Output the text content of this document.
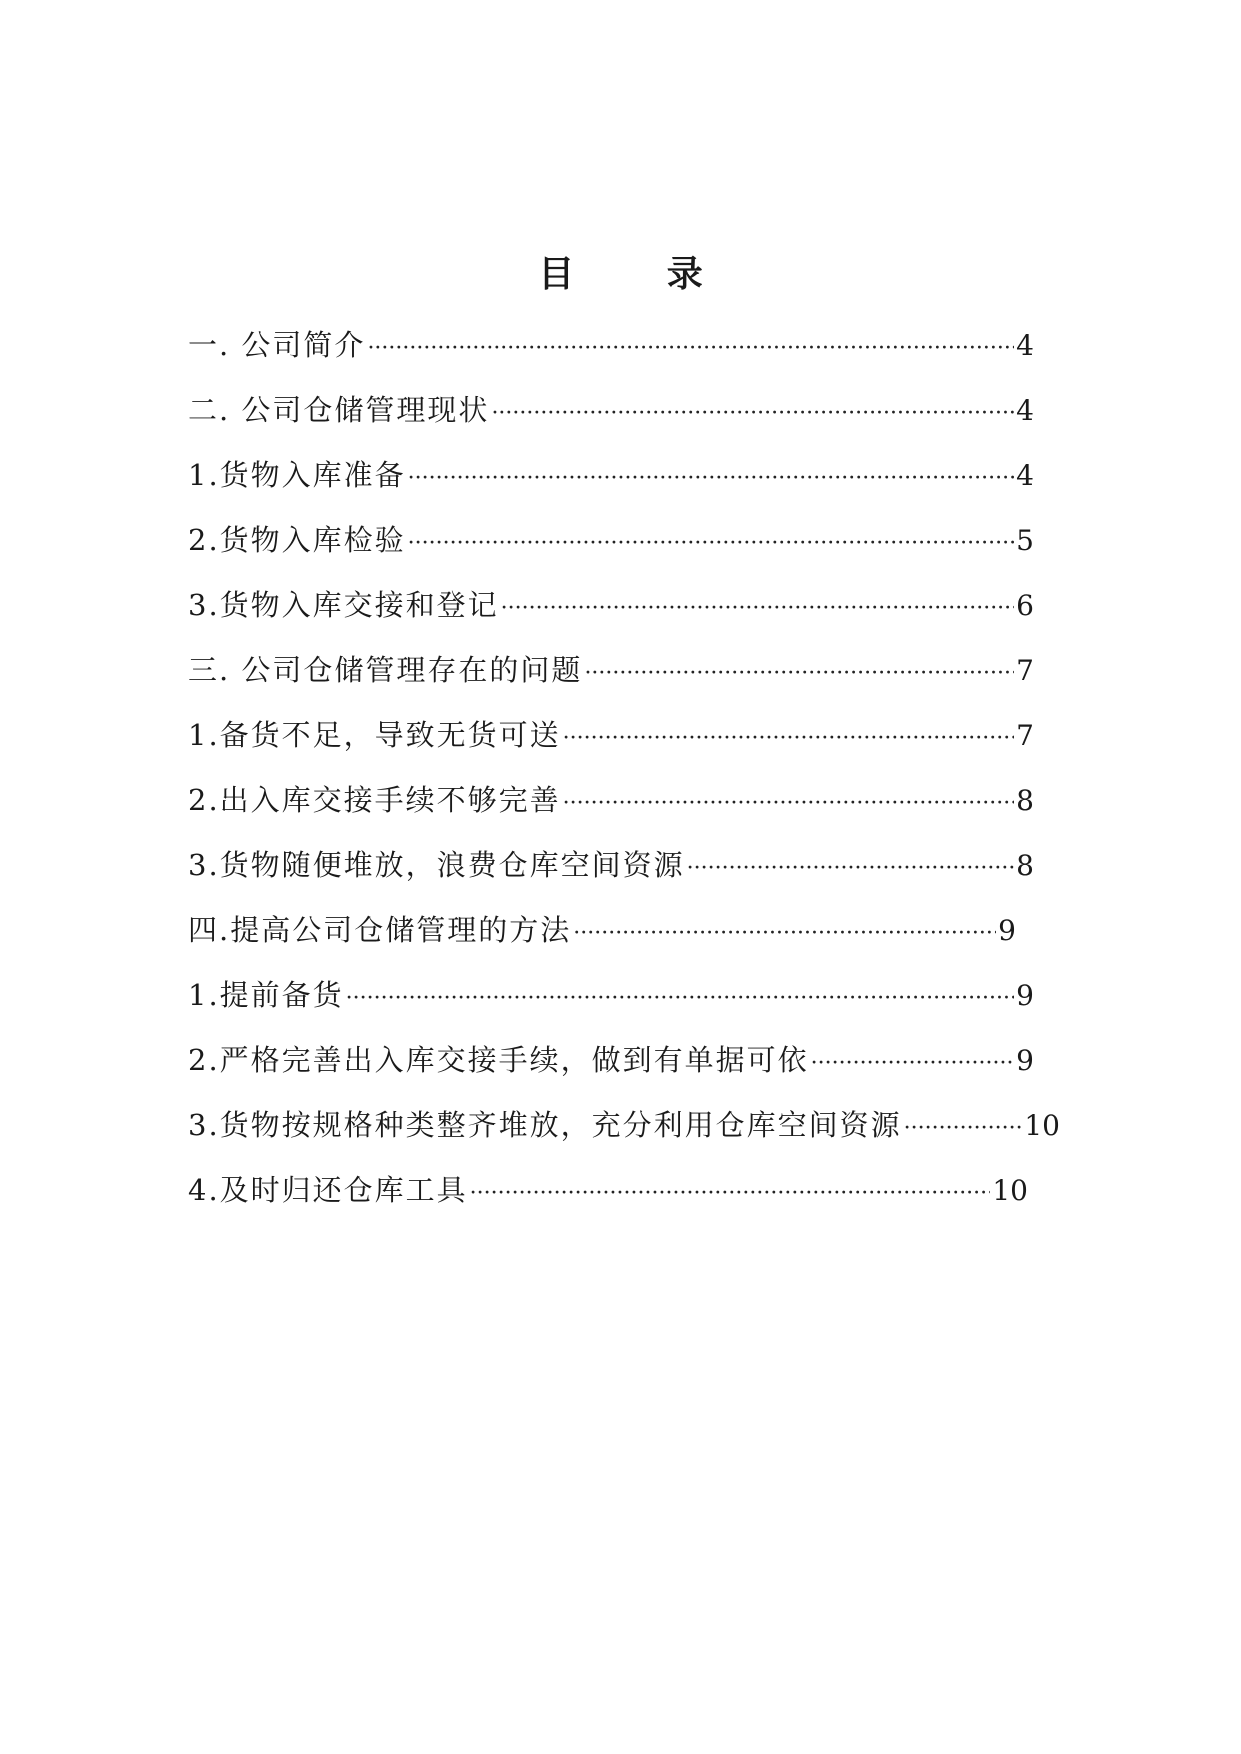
目 录
一. 公司简介 ·····	4
二. 公司仓储管理现状 ·····	4
1.货物入库准备 ·····	4
2.货物入库检验 ·····	5
3.货物入库交接和登记 ·····	6
三. 公司仓储管理存在的问题 ·····	7
1.备货不足，导致无货可送 ·····	7
2.出入库交接手续不够完善 ·····	8
3.货物随便堆放，浪费仓库空间资源 ·····	8
四.提高公司仓储管理的方法 ·····	9
1.提前备货 ·····	9
2.严格完善出入库交接手续，做到有单据可依 ·····	9
3.货物按规格种类整齐堆放，充分利用仓库空间资源 ·····	10
4.及时归还仓库工具 ·····	10
